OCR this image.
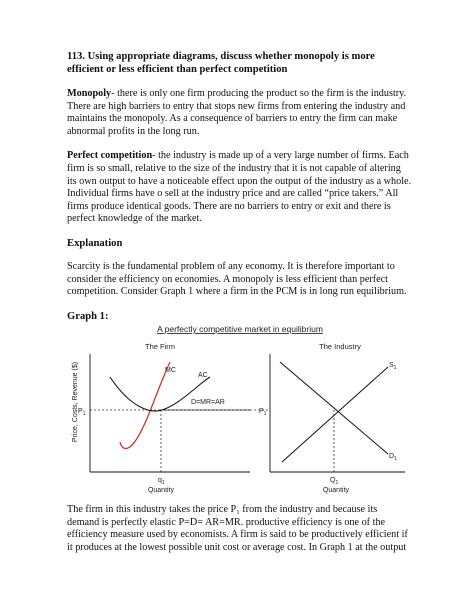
113. Using appropriate diagrams, discuss whether monopoly is more efficient or less efficient than perfect competition

Monopoly- there is only one firm producing the product so the firm is the industry. There are high barriers to entry that stops new firms from entering the industry and maintains the monopoly. As a consequence of barriers to entry the firm can make abnormal profits in the long run.

Perfect competition- the industry is made up of a very large number of firms. Each firm is so small, relative to the size of the industry that it is not capable of altering its own output to have a noticeable effect upon the output of the industry as a whole. Individual firms have o sell at the industry price and are called “price takers.” All firms produce identical goods. There are no barriers to entry or exit and there is perfect knowledge of the market.

Explanation

Scarcity is the fundamental problem of any economy. It is therefore important to consider the efficiency on economies. A monopoly is less efficient than perfect competition. Consider Graph 1 where a firm in the PCM is in long run equilibrium.

Graph 1:
A perfectly competitive market in equilibrium
The Firm	The Industry
Price, Costs, Revenue ($) $P_1$	$P_1$
MC
AC
D=MR=AR
$q_1$
Quantity
$S_1$
$D_1$
$Q_1$
Quantity

The firm in this industry takes the price P₁ from the industry and because its demand is perfectly elastic P=D= AR=MR. productive efficiency is one of the efficiency measure used by economists. A firm is said to be productively efficient if it produces at the lowest possible unit cost or average cost. In Graph 1 at the output
